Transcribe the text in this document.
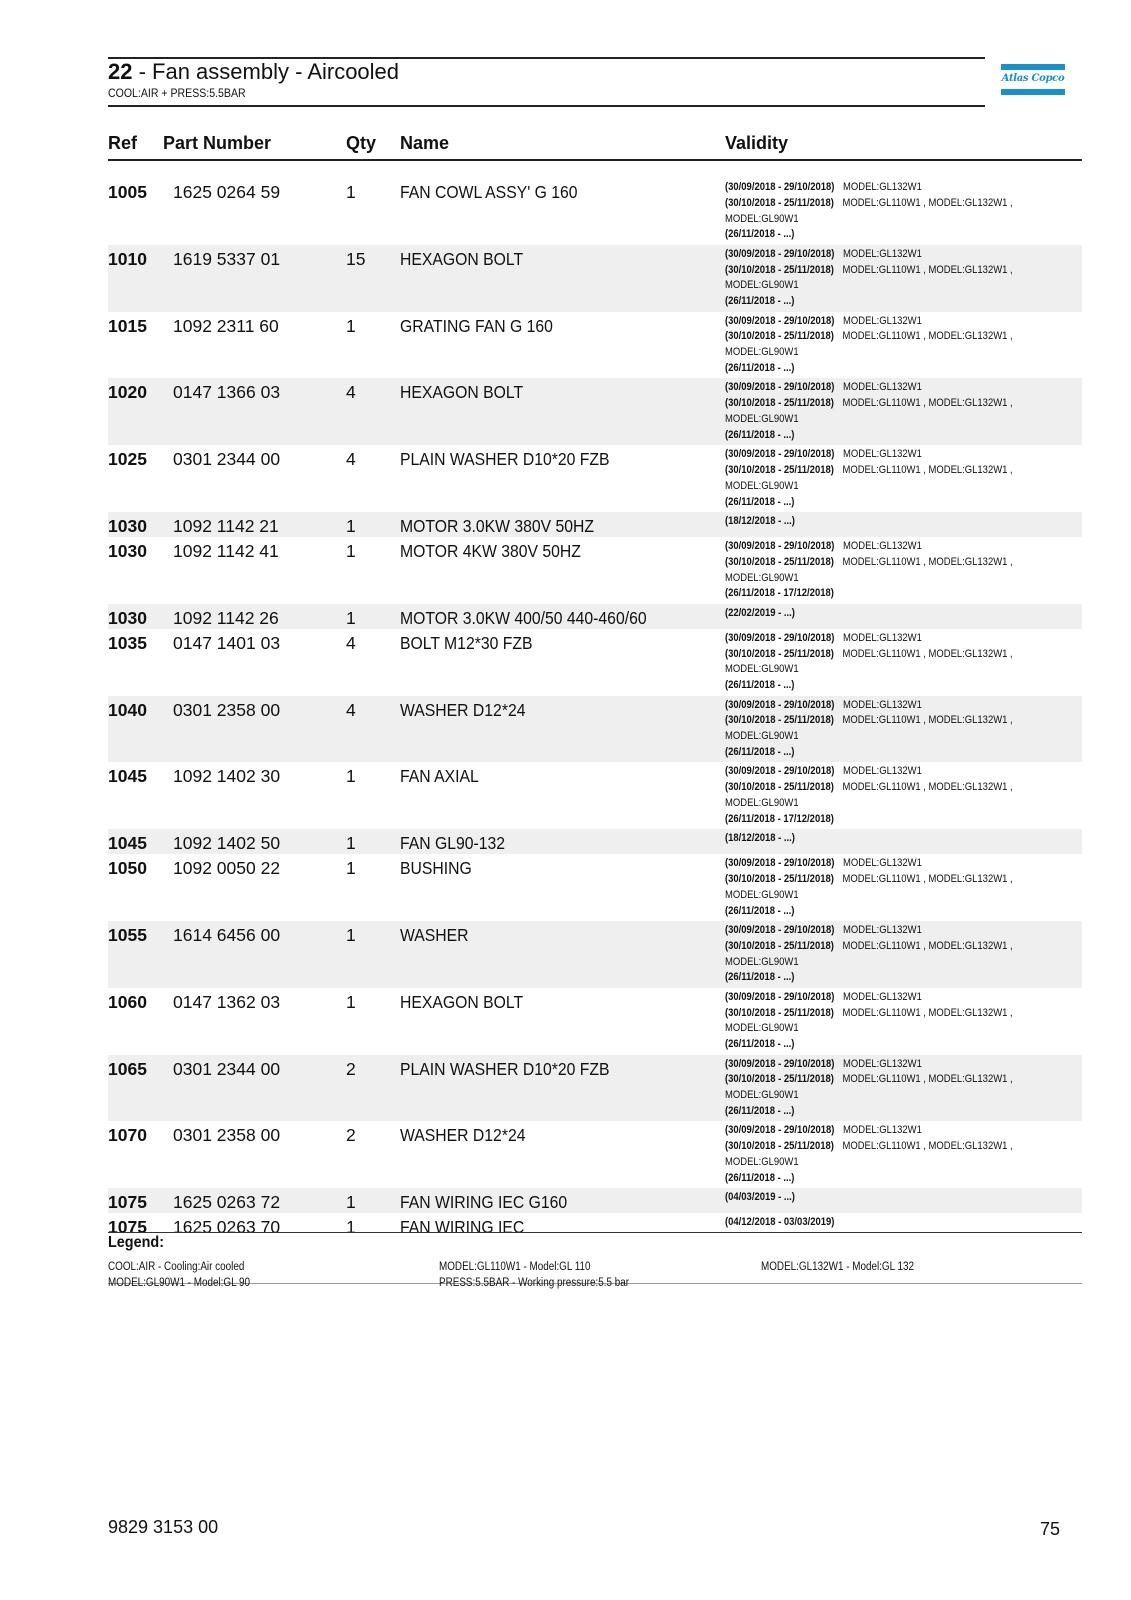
22 - Fan assembly - Aircooled
COOL:AIR + PRESS:5.5BAR
Atlas Copco
Ref Part Number	Qty Name	Validity
1005 1625 0264 59	1	FAN COWL ASSY' G 160	(30/09/2018 - 29/10/2018) MODEL:GL132W1
(30/10/2018 - 25/11/2018) MODEL:GL110W1 , MODEL:GL132W1 ,
MODEL:GL90W1
(26/11/2018 - ...)
1010 1619 5337 01	15 HEXAGON BOLT	(30/09/2018 - 29/10/2018) MODEL:GL132W1
(30/10/2018 - 25/11/2018) MODEL:GL110W1 , MODEL:GL132W1 ,
MODEL:GL90W1
(26/11/2018 - ...)
1015 1092 2311 60	1	GRATING FAN G 160	(30/09/2018 - 29/10/2018) MODEL:GL132W1
(30/10/2018 - 25/11/2018) MODEL:GL110W1 , MODEL:GL132W1 ,
MODEL:GL90W1
(26/11/2018 - ...)
1020 0147 1366 03	4	HEXAGON BOLT	(30/09/2018 - 29/10/2018) MODEL:GL132W1
(30/10/2018 - 25/11/2018) MODEL:GL110W1 , MODEL:GL132W1 ,
MODEL:GL90W1
(26/11/2018 - ...)
1025 0301 2344 00	4	PLAIN WASHER D10*20 FZB	(30/09/2018 - 29/10/2018) MODEL:GL132W1
(30/10/2018 - 25/11/2018) MODEL:GL110W1 , MODEL:GL132W1 ,
MODEL:GL90W1
(26/11/2018 - ...)
1030 1092 1142 21	1	MOTOR 3.0KW 380V 50HZ	(18/12/2018 - ...)
1030 1092 1142 41	1	MOTOR 4KW 380V 50HZ	(30/09/2018 - 29/10/2018) MODEL:GL132W1
(30/10/2018 - 25/11/2018) MODEL:GL110W1 , MODEL:GL132W1 ,
MODEL:GL90W1
(26/11/2018 - 17/12/2018)
1030 1092 1142 26	1	MOTOR 3.0KW 400/50 440-460/60	(22/02/2019 - ...)
1035 0147 1401 03	4	BOLT M12*30 FZB	(30/09/2018 - 29/10/2018) MODEL:GL132W1
(30/10/2018 - 25/11/2018) MODEL:GL110W1 , MODEL:GL132W1 ,
MODEL:GL90W1
(26/11/2018 - ...)
1040 0301 2358 00	4	WASHER D12*24	(30/09/2018 - 29/10/2018) MODEL:GL132W1
(30/10/2018 - 25/11/2018) MODEL:GL110W1 , MODEL:GL132W1 ,
MODEL:GL90W1
(26/11/2018 - ...)
1045 1092 1402 30	1	FAN AXIAL	(30/09/2018 - 29/10/2018) MODEL:GL132W1
(30/10/2018 - 25/11/2018) MODEL:GL110W1 , MODEL:GL132W1 ,
MODEL:GL90W1
(26/11/2018 - 17/12/2018)
1045 1092 1402 50	1	FAN GL90-132	(18/12/2018 - ...)
1050 1092 0050 22	1	BUSHING	(30/09/2018 - 29/10/2018) MODEL:GL132W1
(30/10/2018 - 25/11/2018) MODEL:GL110W1 , MODEL:GL132W1 ,
MODEL:GL90W1
(26/11/2018 - ...)
1055 1614 6456 00	1	WASHER	(30/09/2018 - 29/10/2018) MODEL:GL132W1
(30/10/2018 - 25/11/2018) MODEL:GL110W1 , MODEL:GL132W1 ,
MODEL:GL90W1
(26/11/2018 - ...)
1060 0147 1362 03	1	HEXAGON BOLT	(30/09/2018 - 29/10/2018) MODEL:GL132W1
(30/10/2018 - 25/11/2018) MODEL:GL110W1 , MODEL:GL132W1 ,
MODEL:GL90W1
(26/11/2018 - ...)
1065 0301 2344 00	2	PLAIN WASHER D10*20 FZB	(30/09/2018 - 29/10/2018) MODEL:GL132W1
(30/10/2018 - 25/11/2018) MODEL:GL110W1 , MODEL:GL132W1 ,
MODEL:GL90W1
(26/11/2018 - ...)
1070 0301 2358 00	2	WASHER D12*24	(30/09/2018 - 29/10/2018) MODEL:GL132W1
(30/10/2018 - 25/11/2018) MODEL:GL110W1 , MODEL:GL132W1 ,
MODEL:GL90W1
(26/11/2018 - ...)
1075 1625 0263 72	1	FAN WIRING IEC G160	(04/03/2019 - ...)
1075 1625 0263 70	1	FAN WIRING IEC	(04/12/2018 - 03/03/2019)
Legend:
COOL:AIR - Cooling:Air cooled
MODEL:GL90W1 - Model:GL 90
MODEL:GL110W1 - Model:GL 110
PRESS:5.5BAR - Working pressure:5.5 bar
MODEL:GL132W1 - Model:GL 132
9829 3153 00	75
